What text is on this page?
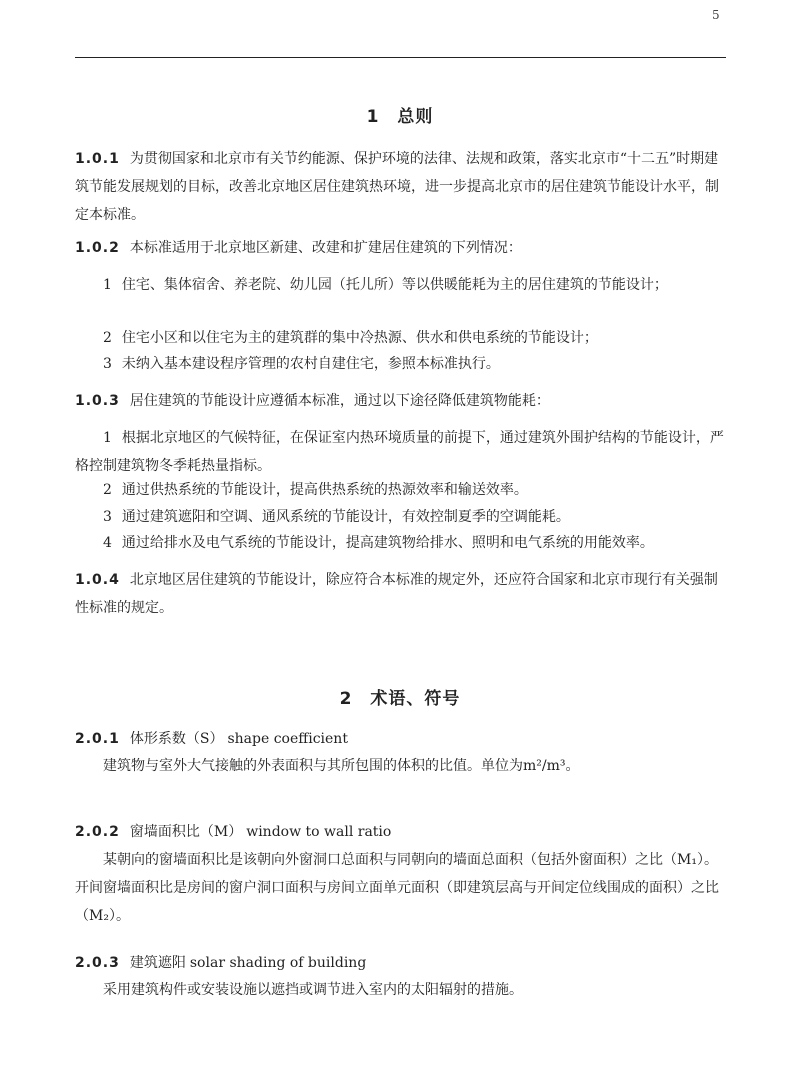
5
1 总则
1.0.1 为贯彻国家和北京市有关节约能源、保护环境的法律、法规和政策，落实北京市“十二五”时期建筑节能发展规划的目标，改善北京地区居住建筑热环境，进一步提高北京市的居住建筑节能设计水平，制定本标准。
1.0.2 本标准适用于北京地区新建、改建和扩建居住建筑的下列情况：
1 住宅、集体宿舍、养老院、幼儿园（托儿所）等以供暖能耗为主的居住建筑的节能设计；
2 住宅小区和以住宅为主的建筑群的集中冷热源、供水和供电系统的节能设计；
3 未纳入基本建设程序管理的农村自建住宅，参照本标准执行。
1.0.3 居住建筑的节能设计应遵循本标准，通过以下途径降低建筑物能耗：
1 根据北京地区的气候特征，在保证室内热环境质量的前提下，通过建筑外围护结构的节能设计，严格控制建筑物冬季耗热量指标。
2 通过供热系统的节能设计，提高供热系统的热源效率和输送效率。
3 通过建筑遮阳和空调、通风系统的节能设计，有效控制夏季的空调能耗。
4 通过给排水及电气系统的节能设计，提高建筑物给排水、照明和电气系统的用能效率。
1.0.4 北京地区居住建筑的节能设计，除应符合本标准的规定外，还应符合国家和北京市现行有关强制性标准的规定。
2 术语、符号
2.0.1 体形系数（S） shape coefficient
建筑物与室外大气接触的外表面积与其所包围的体积的比值。单位为m²/m³。
2.0.2 窗墙面积比（M） window to wall ratio
某朝向的窗墙面积比是该朝向外窗洞口总面积与同朝向的墙面总面积（包括外窗面积）之比（M₁）。开间窗墙面积比是房间的窗户洞口面积与房间立面单元面积（即建筑层高与开间定位线围成的面积）之比（M₂）。
2.0.3 建筑遮阳 solar shading of building
采用建筑构件或安装设施以遮挡或调节进入室内的太阳辐射的措施。
